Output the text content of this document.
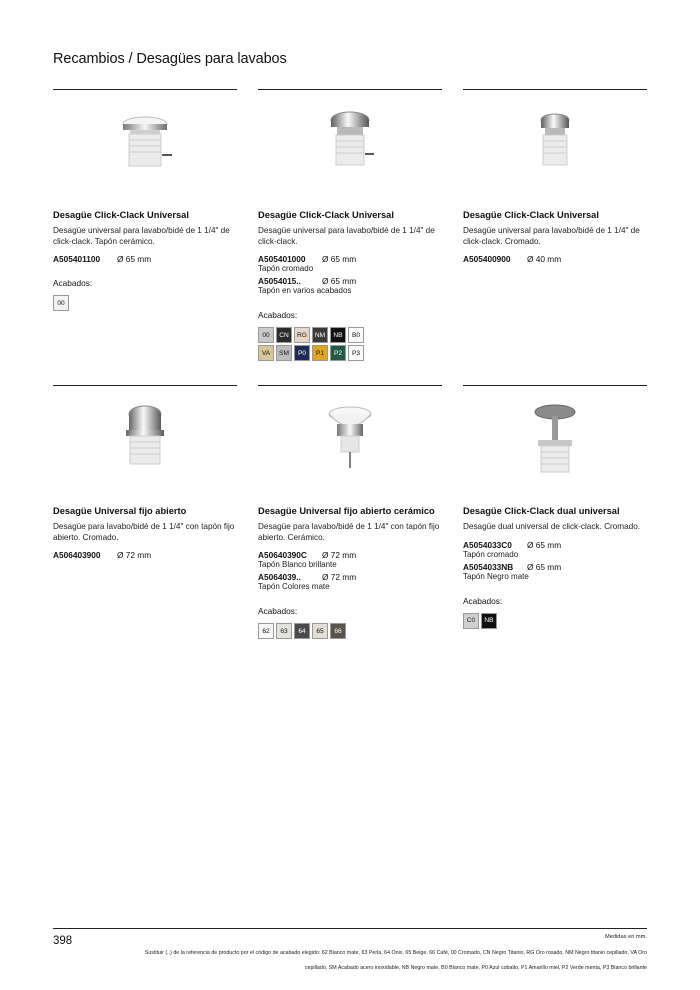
Recambios / Desagües para lavabos
Desagüe Click-Clack Universal
Desagüe universal para lavabo/bidé de 1 1/4" de click-clack. Tapón cerámico.
A505401100 Ø 65 mm
Acabados:
00
Desagüe Click-Clack Universal
Desagüe universal para lavabo/bidé de 1 1/4" de click-clack.
A505401000 Ø 65 mm
Tapón cromado
A5054015..	Ø 65 mm
Tapón en varios acabados
Acabados:
00	CN	RG	NM	NB	B0
VA	SM	P0	P1	P2	P3
Desagüe Click-Clack Universal
Desagüe universal para lavabo/bidé de 1 1/4" de click-clack. Cromado.
A505400900 Ø 40 mm
Desagüe Universal fijo abierto
Desagüe para lavabo/bidé de 1 1/4" con tapón fijo abierto. Cromado.
A506403900 Ø 72 mm
Desagüe Universal fijo abierto cerámico
Desagüe para lavabo/bidé de 1 1/4" con tapón fijo abierto. Cerámico.
A50640390C Ø 72 mm
Tapón Blanco brillante
A5064039..	Ø 72 mm
Tapón Colores mate
Acabados:
62	63	64	65	66
Desagüe Click-Clack dual universal
Desagüe dual universal de click-clack. Cromado.
A5054033C0 Ø 65 mm
Tapón cromado
A5054033NB Ø 65 mm
Tapón Negro mate
Acabados:
C0	NB
398	Medidas en mm.
Sustituir (..) de la referencia de producto por el código de acabado elegido: 62 Blanco mate, 63 Perla, 64 Onix, 65 Beige, 66 Café, 00 Cromado, CN Negro Titanio, RG Oro rosado, NM Negro titanio cepillado, VA Oro cepillado, SM Acabado acero inoxidable, NB Negro mate, B0 Blanco mate, P0 Azul cobalto, P1 Amarillo miel, P2 Verde menta, P3 Blanco brillante
